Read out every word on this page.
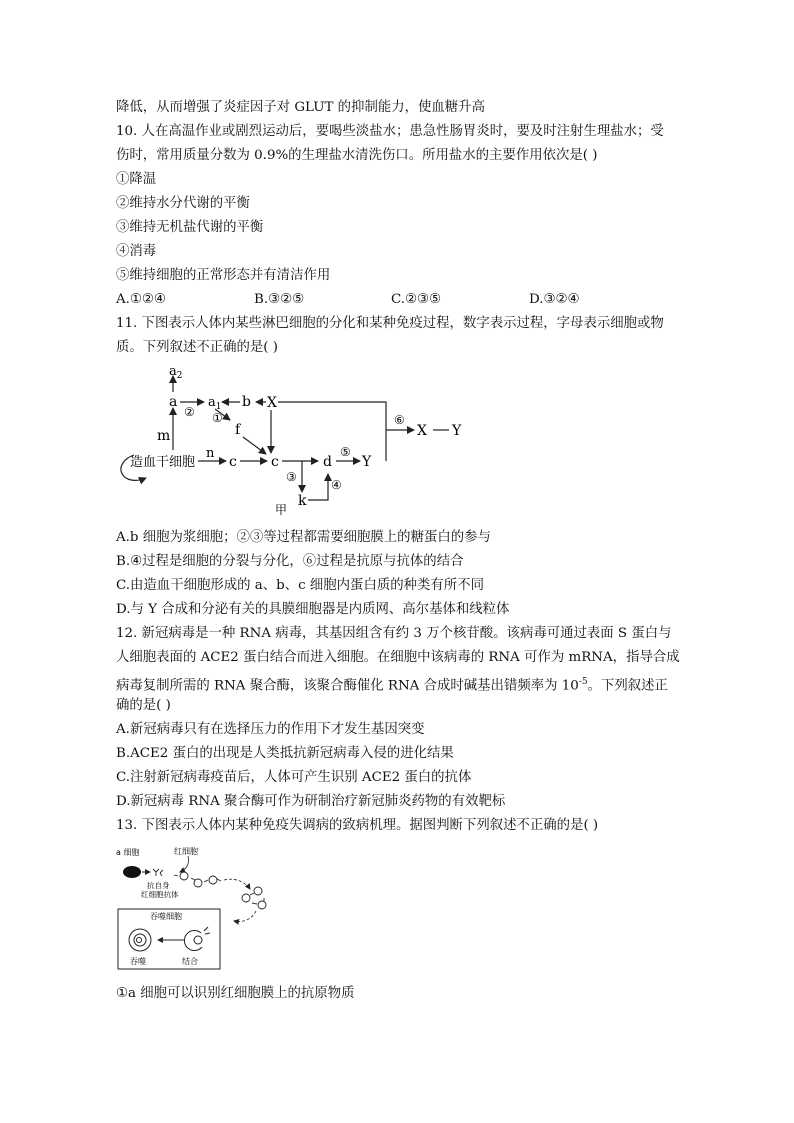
降低，从而增强了炎症因子对 GLUT 的抑制能力，使血糖升高
10. 人在高温作业或剧烈运动后，要喝些淡盐水；患急性肠胃炎时，要及时注射生理盐水；受
伤时，常用质量分数为 0.9%的生理盐水清洗伤口。所用盐水的主要作用依次是( )
①降温
②维持水分代谢的平衡
③维持无机盐代谢的平衡
④消毒
⑤维持细胞的正常形态并有清洁作用
A.①②④	B.③②⑤	C.②③⑤	D.③②④
11. 下图表示人体内某些淋巴细胞的分化和某种免疫过程，数字表示过程，字母表示细胞或物
质。下列叙述不正确的是( )
$a_2$
a $a_1$ b X
f
m
n
造血干细胞 c c	d Y
X Y
k
甲
①
②
③
④
⑤
⑥
A.b 细胞为浆细胞；②③等过程都需要细胞膜上的糖蛋白的参与
B.④过程是细胞的分裂与分化，⑥过程是抗原与抗体的结合
C.由造血干细胞形成的 a、b、c 细胞内蛋白质的种类有所不同
D.与 Y 合成和分泌有关的具膜细胞器是内质网、高尔基体和线粒体
12. 新冠病毒是一种 RNA 病毒，其基因组含有约 3 万个核苷酸。该病毒可通过表面 S 蛋白与
人细胞表面的 ACE2 蛋白结合而进入细胞。在细胞中该病毒的 RNA 可作为 mRNA，指导合成
病毒复制所需的 RNA 聚合酶，该聚合酶催化 RNA 合成时碱基出错频率为 $10^{-5}$。下列叙述正
确的是( )
A.新冠病毒只有在选择压力的作用下才发生基因突变
B.ACE2 蛋白的出现是人类抵抗新冠病毒入侵的进化结果
C.注射新冠病毒疫苗后，人体可产生识别 ACE2 蛋白的抗体
D.新冠病毒 RNA 聚合酶可作为研制治疗新冠肺炎药物的有效靶标
13. 下图表示人体内某种免疫失调病的致病机理。据图判断下列叙述不正确的是( )
a 细胞	红细胞
抗自身
红细胞抗体
吞噬细胞
吞噬	结合
①a 细胞可以识别红细胞膜上的抗原物质
